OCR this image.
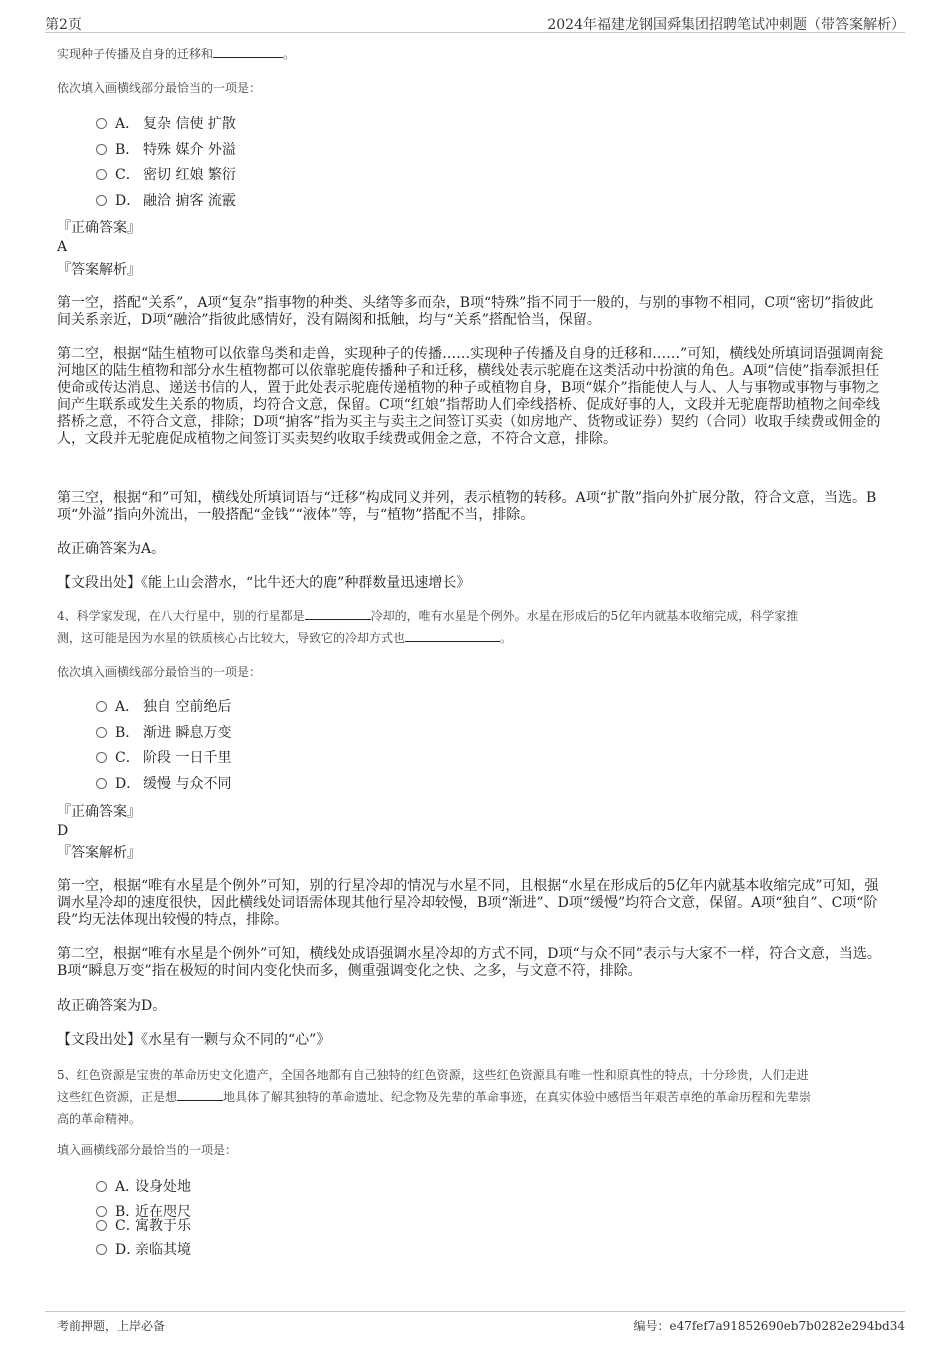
第2页	2024年福建龙钢国舜集团招聘笔试冲刺题（带答案解析）
实现种子传播及自身的迁移和	。
依次填入画横线部分最恰当的一项是：
A． 复杂 信使 扩散
B． 特殊 媒介 外溢
C． 密切 红娘 繁衍
D． 融洽 掮客 流霰
『正确答案』
A
『答案解析』
第一空，搭配“关系”，A项“复杂”指事物的种类、头绪等多而杂，B项“特殊”指不同于一般的，与别的事物不相同，C项“密切”指彼此间关系亲近，D项“融洽”指彼此感情好，没有隔阂和抵触，均与“关系”搭配恰当，保留。
第二空，根据“陆生植物可以依靠鸟类和走兽，实现种子的传播……实现种子传播及自身的迁移和……”可知，横线处所填词语强调南瓮河地区的陆生植物和部分水生植物都可以依靠驼鹿传播种子和迁移，横线处表示驼鹿在这类活动中扮演的角色。A项“信使”指奉派担任使命或传达消息、递送书信的人，置于此处表示驼鹿传递植物的种子或植物自身，B项“媒介”指能使人与人、人与事物或事物与事物之间产生联系或发生关系的物质，均符合文意，保留。C项“红娘”指帮助人们牵线搭桥、促成好事的人，文段并无驼鹿帮助植物之间牵线搭桥之意，不符合文意，排除；D项“掮客”指为买主与卖主之间签订买卖（如房地产、货物或证券）契约（合同）收取手续费或佣金的人，文段并无驼鹿促成植物之间签订买卖契约收取手续费或佣金之意，不符合文意，排除。
第三空，根据“和”可知，横线处所填词语与“迁移”构成同义并列，表示植物的转移。A项“扩散”指向外扩展分散，符合文意，当选。B项“外溢”指向外流出，一般搭配“金钱”“液体”等，与“植物”搭配不当，排除。
故正确答案为A。
【文段出处】《能上山会潜水，“比牛还大的鹿”种群数量迅速增长》
4、科学家发现，在八大行星中，别的行星都是	冷却的，唯有水星是个例外。水星在形成后的5亿年内就基本收缩完成，科学家推
测，这可能是因为水星的铁质核心占比较大，导致它的冷却方式也	。
依次填入画横线部分最恰当的一项是：
A． 独自 空前绝后
B． 渐进 瞬息万变
C． 阶段 一日千里
D． 缓慢 与众不同
『正确答案』
D
『答案解析』
第一空，根据“唯有水星是个例外”可知，别的行星冷却的情况与水星不同，且根据“水星在形成后的5亿年内就基本收缩完成”可知，强调水星冷却的速度很快，因此横线处词语需体现其他行星冷却较慢，B项“渐进”、D项“缓慢”均符合文意，保留。A项“独自”、C项“阶段”均无法体现出较慢的特点，排除。
第二空，根据“唯有水星是个例外”可知，横线处成语强调水星冷却的方式不同，D项“与众不同”表示与大家不一样，符合文意，当选。B项“瞬息万变”指在极短的时间内变化快而多，侧重强调变化之快、之多，与文意不符，排除。
故正确答案为D。
【文段出处】《水星有一颗与众不同的“心”》
5、红色资源是宝贵的革命历史文化遗产，全国各地都有自己独特的红色资源，这些红色资源具有唯一性和原真性的特点，十分珍贵，人们走进
这些红色资源，正是想	地具体了解其独特的革命遗址、纪念物及先辈的革命事迹，在真实体验中感悟当年艰苦卓绝的革命历程和先辈崇
高的革命精神。
填入画横线部分最恰当的一项是：
A．设身处地
B．近在咫尺
C．寓教于乐
D．亲临其境
考前押题，上岸必备	编号：e47fef7a91852690eb7b0282e294bd34
